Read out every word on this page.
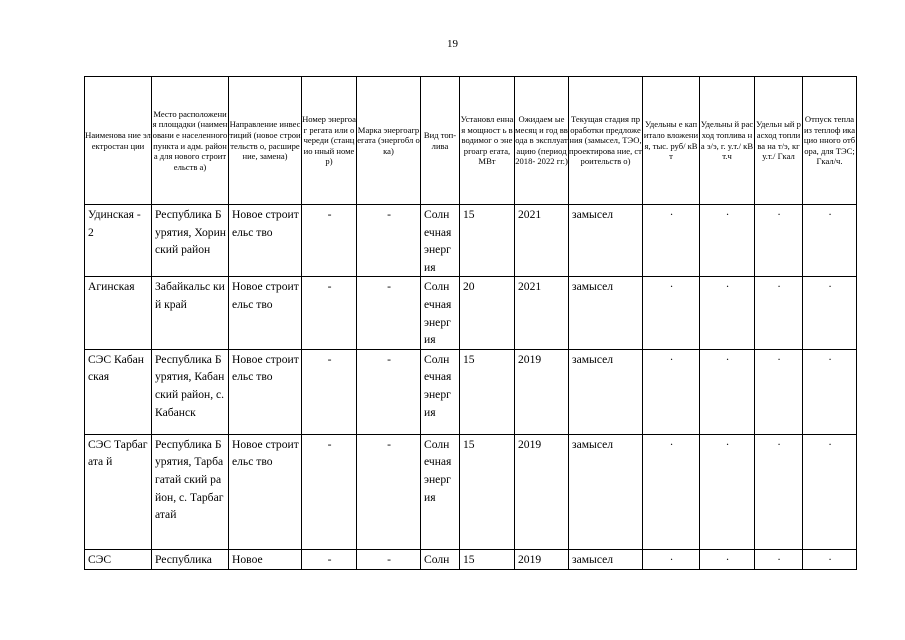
19
Наименова ние электростан ции	Место расположени я площадки (наименовани е населенного пункта и адм. района для нового строительств а)	Направление инвестиций (новое строительств о, расширение, замена)	Номер энергоаг регата или очереди (станцио нный номер)	Марка энергоагр егата (энергобл ока)	Вид топ- лива	Установл енная мощност ь вводимог о энергоагр егата, МВт	Ожидаем ые месяц и год ввода в эксплуат ацию (период 2018- 2022 гг.)	Текущая стадия проработки предложения (замысел, ТЭО, проектирова ние, строительств о)	Удельны е капитало вложени я, тыс. руб/ кВт	Удельны й расход топлива на э/э, г. у.т./ кВт.ч	Удельн ый расход топлива на т/э, кг у.т./ Гкал	Отпуск тепла из теплоф икацио нного отбора, для ТЭС; Гкал/ч.
Удинская - 2	Республика Бурятия, Хоринский район	Новое строительс тво	-	-	Солн ечная энерг ия	15	2021	замысел	·	·	·	·
Агинская	Забайкальс кий край	Новое строительс тво	-	-	Солн ечная энерг ия	20	2021	замысел	·	·	·	·
СЭС Кабанская	Республика Бурятия, Кабанский район, с. Кабанск	Новое строительс тво	-	-	Солн ечная энерг ия	15	2019	замысел	·	·	·	·
СЭС Тарбагата й	Республика Бурятия, Тарбагатай ский район, с. Тарбагатай	Новое строительс тво	-	-	Солн ечная энерг ия	15	2019	замысел	·	·	·	·
СЭС	Республика	Новое	-	-	Солн	15	2019	замысел	·	·	·	·
